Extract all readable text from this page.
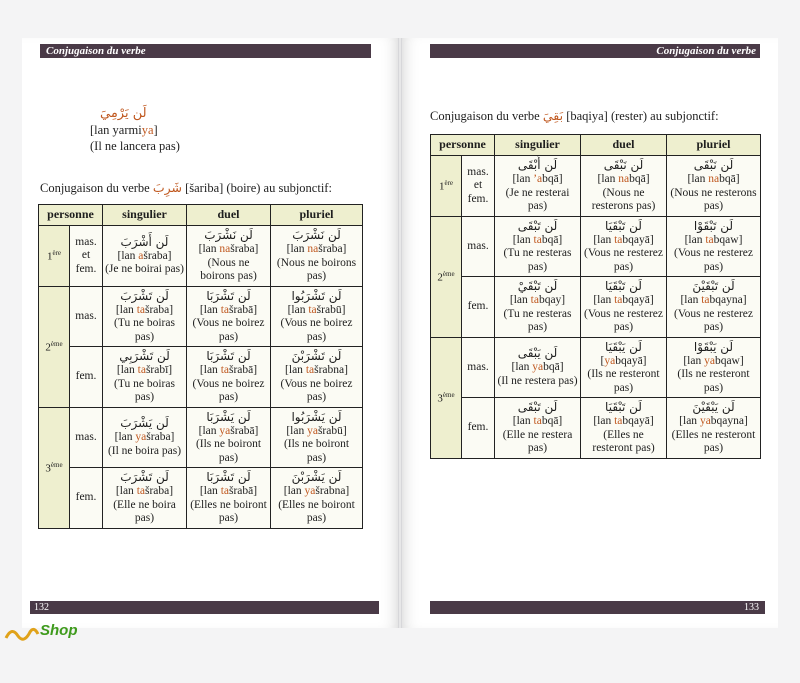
Conjugaison du verbe	Conjugaison du verbe
لَن يَرْمِيَ
[lan yarmiya]
(Il ne lancera pas)
Conjugaison du verbe شَرِبَ [šariba] (boire) au subjonctif:
Conjugaison du verbe بَقِيَ [baqiya] (rester) au subjonctif:
personne		singulier	duel	pluriel
1ère	mas. et fem.	لَن أَشْرَبَ
[lan ašraba]
(Je ne boirai pas)	لَن نَشْرَبَ
[lan našraba]
(Nous ne boirons pas)	لَن نَشْرَبَ
[lan našraba]
(Nous ne boirons pas)

2ème	mas.	لَن تَشْرَبَ
[lan tašraba]
(Tu ne boiras pas)	لَن تَشْرَبَا
[lan tašrabā]
(Vous ne boirez pas)	لَن تَشْرَبُوا
[lan tašrabū]
(Vous ne boirez pas)

	fem.	لَن تَشْرَبِي
[lan tašrabī]
(Tu ne boiras pas)	لَن تَشْرَبَا
[lan tašrabā]
(Vous ne boirez pas)	لَن تَشْرَبْنَ
[lan tašrabna]
(Vous ne boirez pas)

3ème	mas.	لَن يَشْرَبَ
[lan yašraba]
(Il ne boira pas)	لَن يَشْرَبَا
[lan yašrabā]
(Ils ne boiront pas)	لَن يَشْرَبُوا
[lan yašrabū]
(Ils ne boiront pas)

	fem.	لَن تَشْرَبَ
[lan tašraba]
(Elle ne boira pas)	لَن تَشْرَبَا
[lan tašrabā]
(Elles ne boiront pas)	لَن يَشْرَبْنَ
[lan yašrabna]
(Elles ne boiront pas)
personne		singulier	duel	pluriel
1ère	mas. et fem.	لَن أَبْقَى
[lan ’abqā]
(Je ne resterai pas)	لَن نَبْقَى
[lan nabqā]
(Nous ne resterons pas)	لَن نَبْقَى
[lan nabqā]
(Nous ne resterons pas)

2ème	mas.	لَن تَبْقَى
[lan tabqā]
(Tu ne resteras pas)	لَن تَبْقَيَا
[lan tabqayā]
(Vous ne resterez pas)	لَن تَبْقَوْا
[lan tabqaw]
(Vous ne resterez pas)

	fem.	لَن تَبْقَيْ
[lan tabqay]
(Tu ne resteras pas)	لَن تَبْقَيَا
[lan tabqayā]
(Vous ne resterez pas)	لَن تَبْقَيْنَ
[lan tabqayna]
(Vous ne resterez pas)

3ème	mas.	لَن يَبْقَى
[lan yabqā]
(Il ne restera pas)	لَن يَبْقَيَا
[yabqayā]
(Ils ne resteront pas)	لَن يَبْقَوْا
[lan yabqaw]
(Ils ne resteront pas)

	fem.	لَن تَبْقَى
[lan tabqā]
(Elle ne restera pas)	لَن تَبْقَيَا
[lan tabqayā]
(Elles ne resteront pas)	لَن يَبْقَيْنَ
[lan yabqayna]
(Elles ne resteront pas)
132	133
Shop
